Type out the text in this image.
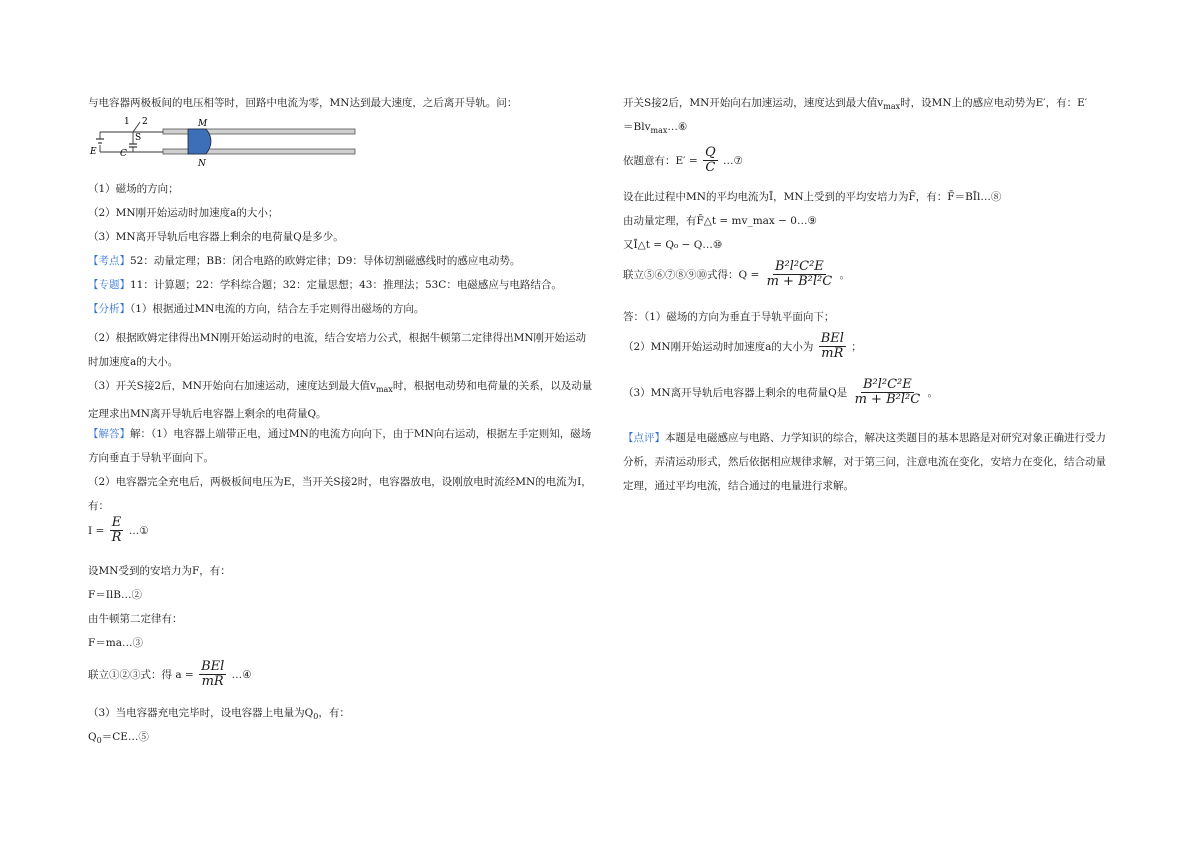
与电容器两极板间的电压相等时，回路中电流为零，MN达到最大速度，之后离开导轨。问：
1 2
S
E	C
M
N
（1）磁场的方向；
（2）MN刚开始运动时加速度a的大小；
（3）MN离开导轨后电容器上剩余的电荷量Q是多少。
【考点】52：动量定理；BB：闭合电路的欧姆定律；D9：导体切割磁感线时的感应电动势。
【专题】11：计算题；22：学科综合题；32：定量思想；43：推理法；53C：电磁感应与电路结合。
【分析】（1）根据通过MN电流的方向，结合左手定则得出磁场的方向。
（2）根据欧姆定律得出MN刚开始运动时的电流，结合安培力公式，根据牛顿第二定律得出MN刚开始运动时加速度a的大小。
（3）开关S接2后，MN开始向右加速运动，速度达到最大值$v_{max}$时，根据电动势和电荷量的关系，以及动量定理求出MN离开导轨后电容器上剩余的电荷量Q。
【解答】解：（1）电容器上端带正电，通过MN的电流方向向下，由于MN向右运动，根据左手定则知，磁场方向垂直于导轨平面向下。
（2）电容器完全充电后，两极板间电压为E，当开关S接2时，电容器放电，设刚放电时流经MN的电流为I，有：
$I = \frac{E}{R}$ …①
设MN受到的安培力为F，有：
F＝IlB…②
由牛顿第二定律有：
F＝ma…③
联立①②③式：得 $a = \frac{\text{BEl}}{mR}$ …④
（3）当电容器充电完毕时，设电容器上电量为$Q_0$，有：
$Q_0=CE\dots ⑤$
开关S接2后，MN开始向右加速运动，速度达到最大值$v_{max}$时，设MN上的感应电动势为E′，有：E′
＝Blv$_{max}$…⑥
依题意有：$E' = \frac{Q}{C}$ …⑦
设在此过程中MN的平均电流为Ī，MN上受到的平均安培力为F̄，有：F̄＝BĪl…⑧
由动量定理，有F̄△t = mv_max − 0…⑨
又Ī△t = Q₀ − Q…⑩
联立⑤⑥⑦⑧⑨⑩式得：$Q = \frac{\text{B²l²C²E}}{\text{m + B²l²C}}$ 。
答：（1）磁场的方向为垂直于导轨平面向下；
（2）MN刚开始运动时加速度a的大小为 $\frac{\text{BEl}}{mR}$ ；
（3）MN离开导轨后电容器上剩余的电荷量Q是 $\frac{\text{B²l²C²E}}{\text{m + B²l²C}}$ 。
【点评】本题是电磁感应与电路、力学知识的综合，解决这类题目的基本思路是对研究对象正确进行受力分析，弄清运动形式，然后依据相应规律求解，对于第三问，注意电流在变化，安培力在变化，结合动量定理，通过平均电流，结合通过的电量进行求解。
